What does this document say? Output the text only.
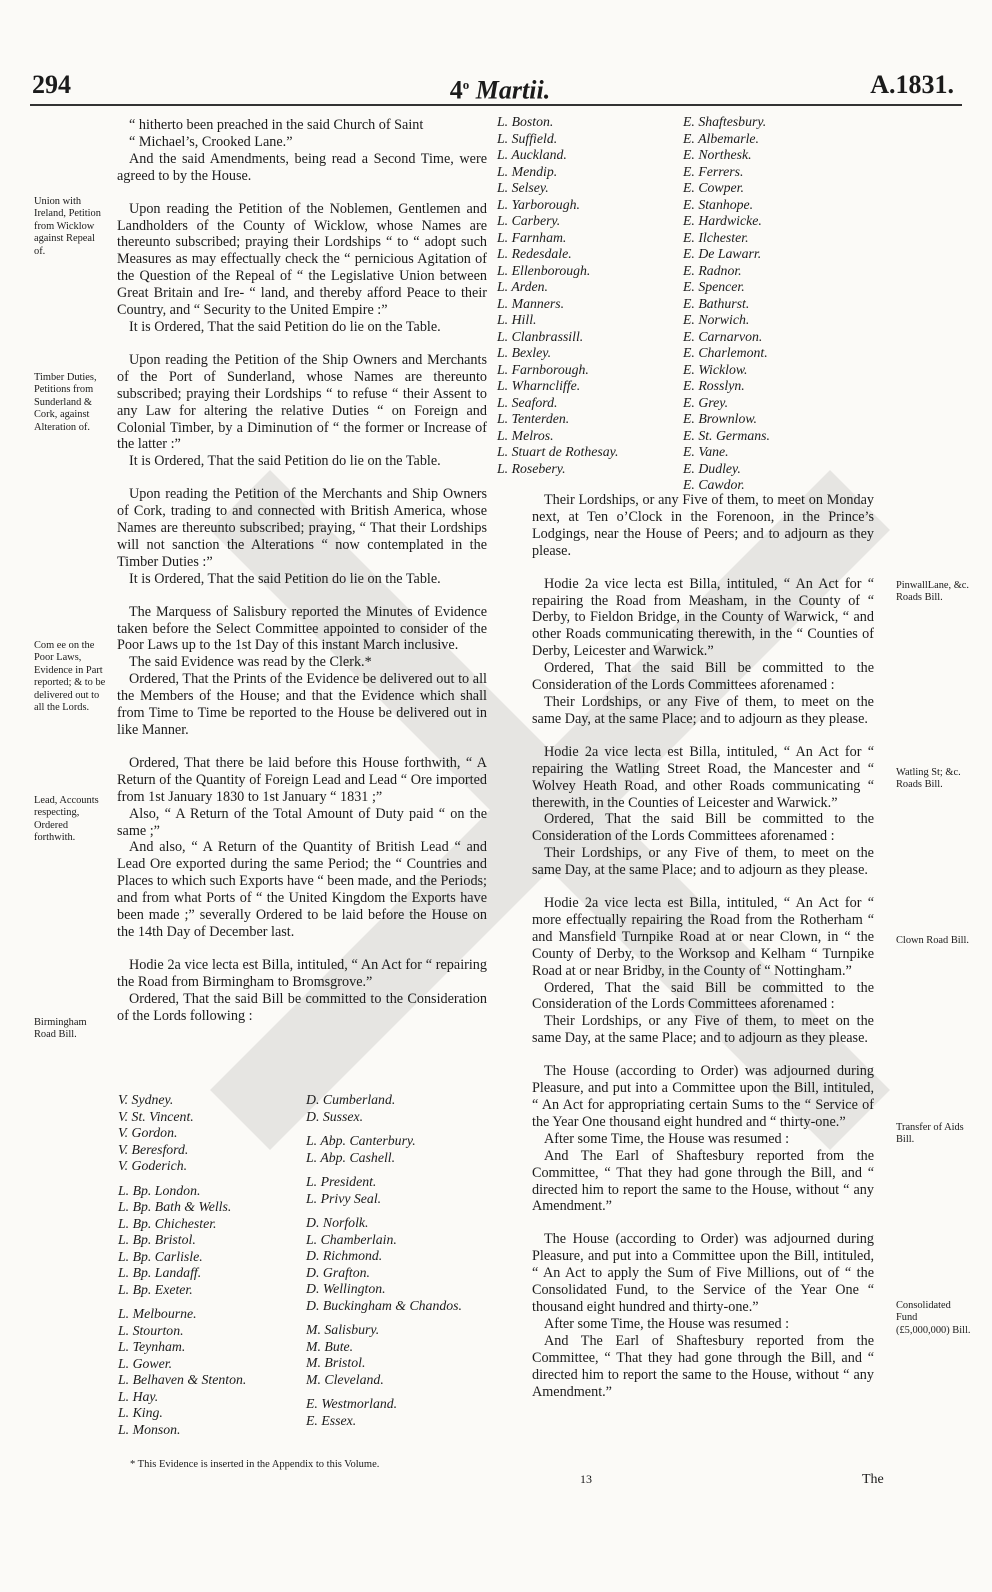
294	4$^o$ Martii.	A.1831.
Union with Ireland, Petition from Wicklow against Repeal of.
Timber Duties, Petitions from Sunderland & Cork, against Alteration of.
Com ee on the Poor Laws, Evidence in Part reported; & to be delivered out to all the Lords.
Lead, Accounts respecting, Ordered forthwith.
Birmingham Road Bill.
PinwallLane, &c. Roads Bill.
Watling St; &c. Roads Bill.
Clown Road Bill.
Transfer of Aids Bill.
Consolidated Fund (£5,000,000) Bill.

“ hitherto been preached in the said Church of Saint

“ Michael’s, Crooked Lane.”

And the said Amendments, being read a Second Time, were agreed to by the House.

Upon reading the Petition of the Noblemen, Gentlemen and Landholders of the County of Wicklow, whose Names are thereunto subscribed; praying their Lordships “ to “ adopt such Measures as may effectually check the “ pernicious Agitation of the Question of the Repeal of “ the Legislative Union between Great Britain and Ire- “ land, and thereby afford Peace to their Country, and “ Security to the United Empire :”

It is Ordered, That the said Petition do lie on the Table.

Upon reading the Petition of the Ship Owners and Merchants of the Port of Sunderland, whose Names are thereunto subscribed; praying their Lordships “ to refuse “ their Assent to any Law for altering the relative Duties “ on Foreign and Colonial Timber, by a Diminution of “ the former or Increase of the latter :”

It is Ordered, That the said Petition do lie on the Table.

Upon reading the Petition of the Merchants and Ship Owners of Cork, trading to and connected with British America, whose Names are thereunto subscribed; praying, “ That their Lordships will not sanction the Alterations “ now contemplated in the Timber Duties :”

It is Ordered, That the said Petition do lie on the Table.

The Marquess of Salisbury reported the Minutes of Evidence taken before the Select Committee appointed to consider of the Poor Laws up to the 1st Day of this instant March inclusive.

The said Evidence was read by the Clerk.*

Ordered, That the Prints of the Evidence be delivered out to all the Members of the House; and that the Evidence which shall from Time to Time be reported to the House be delivered out in like Manner.

Ordered, That there be laid before this House forthwith, “ A Return of the Quantity of Foreign Lead and Lead “ Ore imported from 1st January 1830 to 1st January “ 1831 ;”

Also, “ A Return of the Total Amount of Duty paid “ on the same ;”

And also, “ A Return of the Quantity of British Lead “ and Lead Ore exported during the same Period; the “ Countries and Places to which such Exports have “ been made, and the Periods; and from what Ports of “ the United Kingdom the Exports have been made ;” severally Ordered to be laid before the House on the 14th Day of December last.

Hodie 2a vice lecta est Billa, intituled, “ An Act for “ repairing the Road from Birmingham to Bromsgrove.”

Ordered, That the said Bill be committed to the Consideration of the Lords following :

V. Sydney.
V. St. Vincent.
V. Gordon.
V. Beresford.
V. Goderich.
L. Bp. London.
L. Bp. Bath & Wells.
L. Bp. Chichester.
L. Bp. Bristol.
L. Bp. Carlisle.
L. Bp. Landaff.
L. Bp. Exeter.
L. Melbourne.
L. Stourton.
L. Teynham.
L. Gower.
L. Belhaven & Stenton.
L. Hay.
L. King.
L. Monson.
D. Cumberland.
D. Sussex.
L. Abp. Canterbury.
L. Abp. Cashell.
L. President.
L. Privy Seal.
D. Norfolk.
L. Chamberlain.
D. Richmond.
D. Grafton.
D. Wellington.
D. Buckingham & Chandos.
M. Salisbury.
M. Bute.
M. Bristol.
M. Cleveland.
E. Westmorland.
E. Essex.
L. Boston.
L. Suffield.
L. Auckland.
L. Mendip.
L. Selsey.
L. Yarborough.
L. Carbery.
L. Farnham.
L. Redesdale.
L. Ellenborough.
L. Arden.
L. Manners.
L. Hill.
L. Clanbrassill.
L. Bexley.
L. Farnborough.
L. Wharncliffe.
L. Seaford.
L. Tenterden.
L. Melros.
L. Stuart de Rothesay.
L. Rosebery.
E. Shaftesbury.
E. Albemarle.
E. Northesk.
E. Ferrers.
E. Cowper.
E. Stanhope.
E. Hardwicke.
E. Ilchester.
E. De Lawarr.
E. Radnor.
E. Spencer.
E. Bathurst.
E. Norwich.
E. Carnarvon.
E. Charlemont.
E. Wicklow.
E. Rosslyn.
E. Grey.
E. Brownlow.
E. St. Germans.
E. Vane.
E. Dudley.
E. Cawdor.

Their Lordships, or any Five of them, to meet on Monday next, at Ten o’Clock in the Forenoon, in the Prince’s Lodgings, near the House of Peers; and to adjourn as they please.

Hodie 2a vice lecta est Billa, intituled, “ An Act for “ repairing the Road from Measham, in the County of “ Derby, to Fieldon Bridge, in the County of Warwick, “ and other Roads communicating therewith, in the “ Counties of Derby, Leicester and Warwick.”

Ordered, That the said Bill be committed to the Consideration of the Lords Committees aforenamed :

Their Lordships, or any Five of them, to meet on the same Day, at the same Place; and to adjourn as they please.

Hodie 2a vice lecta est Billa, intituled, “ An Act for “ repairing the Watling Street Road, the Mancester and “ Wolvey Heath Road, and other Roads communicating “ therewith, in the Counties of Leicester and Warwick.”

Ordered, That the said Bill be committed to the Consideration of the Lords Committees aforenamed :

Their Lordships, or any Five of them, to meet on the same Day, at the same Place; and to adjourn as they please.

Hodie 2a vice lecta est Billa, intituled, “ An Act for “ more effectually repairing the Road from the Rotherham “ and Mansfield Turnpike Road at or near Clown, in “ the County of Derby, to the Worksop and Kelham “ Turnpike Road at or near Bridby, in the County of “ Nottingham.”

Ordered, That the said Bill be committed to the Consideration of the Lords Committees aforenamed :

Their Lordships, or any Five of them, to meet on the same Day, at the same Place; and to adjourn as they please.

The House (according to Order) was adjourned during Pleasure, and put into a Committee upon the Bill, intituled, “ An Act for appropriating certain Sums to the “ Service of the Year One thousand eight hundred and “ thirty-one.”

After some Time, the House was resumed :

And The Earl of Shaftesbury reported from the Committee, “ That they had gone through the Bill, and “ directed him to report the same to the House, without “ any Amendment.”

The House (according to Order) was adjourned during Pleasure, and put into a Committee upon the Bill, intituled, “ An Act to apply the Sum of Five Millions, out of “ the Consolidated Fund, to the Service of the Year One “ thousand eight hundred and thirty-one.”

After some Time, the House was resumed :

And The Earl of Shaftesbury reported from the Committee, “ That they had gone through the Bill, and “ directed him to report the same to the House, without “ any Amendment.”

* This Evidence is inserted in the Appendix to this Volume.
13	The
